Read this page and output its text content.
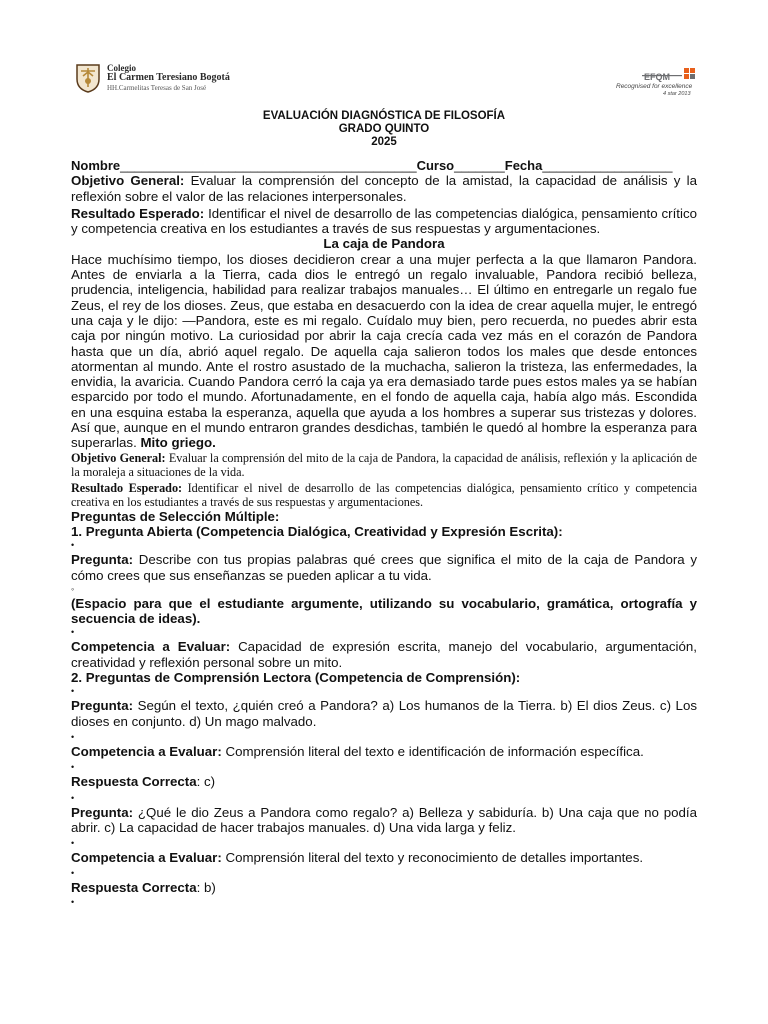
Colegio
El Carmen Teresiano Bogotá
HH.Carmelitas Teresas de San José
EFQM
Recognised for excellence
4 star 2013
EVALUACIÓN DIAGNÓSTICA DE FILOSOFÍA
GRADO QUINTO
2025

Nombre_________________________________________Curso_______Fecha__________________

Objetivo General: Evaluar la comprensión del concepto de la amistad, la capacidad de análisis y la reflexión sobre el valor de las relaciones interpersonales.

Resultado Esperado: Identificar el nivel de desarrollo de las competencias dialógica, pensamiento crítico y competencia creativa en los estudiantes a través de sus respuestas y argumentaciones.

La caja de Pandora

Hace muchísimo tiempo, los dioses decidieron crear a una mujer perfecta a la que llamaron Pandora. Antes de enviarla a la Tierra, cada dios le entregó un regalo invaluable, Pandora recibió belleza, prudencia, inteligencia, habilidad para realizar trabajos manuales… El último en entregarle un regalo fue Zeus, el rey de los dioses. Zeus, que estaba en desacuerdo con la idea de crear aquella mujer, le entregó una caja y le dijo: —Pandora, este es mi regalo. Cuídalo muy bien, pero recuerda, no puedes abrir esta caja por ningún motivo. La curiosidad por abrir la caja crecía cada vez más en el corazón de Pandora hasta que un día, abrió aquel regalo. De aquella caja salieron todos los males que desde entonces atormentan al mundo. Ante el rostro asustado de la muchacha, salieron la tristeza, las enfermedades, la envidia, la avaricia. Cuando Pandora cerró la caja ya era demasiado tarde pues estos males ya se habían esparcido por todo el mundo. Afortunadamente, en el fondo de aquella caja, había algo más. Escondida en una esquina estaba la esperanza, aquella que ayuda a los hombres a superar sus tristezas y dolores. Así que, aunque en el mundo entraron grandes desdichas, también le quedó al hombre la esperanza para superarlas. Mito griego.

Objetivo General: Evaluar la comprensión del mito de la caja de Pandora, la capacidad de análisis, reflexión y la aplicación de la moraleja a situaciones de la vida.

Resultado Esperado: Identificar el nivel de desarrollo de las competencias dialógica, pensamiento crítico y competencia creativa en los estudiantes a través de sus respuestas y argumentaciones.

Preguntas de Selección Múltiple:

1. Pregunta Abierta (Competencia Dialógica, Creatividad y Expresión Escrita):

•

Pregunta: Describe con tus propias palabras qué crees que significa el mito de la caja de Pandora y cómo crees que sus enseñanzas se pueden aplicar a tu vida.

◦

(Espacio para que el estudiante argumente, utilizando su vocabulario, gramática, ortografía y secuencia de ideas).

•

Competencia a Evaluar: Capacidad de expresión escrita, manejo del vocabulario, argumentación, creatividad y reflexión personal sobre un mito.

2. Preguntas de Comprensión Lectora (Competencia de Comprensión):

•

Pregunta: Según el texto, ¿quién creó a Pandora? a) Los humanos de la Tierra. b) El dios Zeus. c) Los dioses en conjunto. d) Un mago malvado.

•

Competencia a Evaluar: Comprensión literal del texto e identificación de información específica.

•

Respuesta Correcta: c)

•

Pregunta: ¿Qué le dio Zeus a Pandora como regalo? a) Belleza y sabiduría. b) Una caja que no podía abrir. c) La capacidad de hacer trabajos manuales. d) Una vida larga y feliz.

•

Competencia a Evaluar: Comprensión literal del texto y reconocimiento de detalles importantes.

•

Respuesta Correcta: b)

•
